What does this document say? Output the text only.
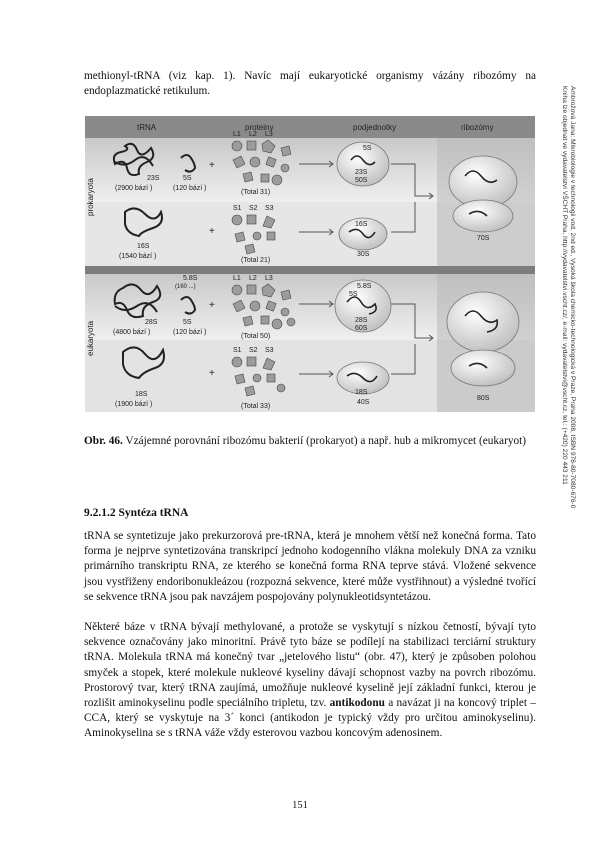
methionyl-tRNA (viz kap. 1). Navíc mají eukaryotické organismy vázány ribozómy na endoplazmatické retikulum.

tRNA	proteiny	podjednotky	ribozómy
prokaryota
eukaryota
23S
(2900 bází )
5S
(120 bází )
16S
(1540 bází )
+
+
+
+
L1 L2 L3
(Total 31)
S1 S2 S3
(Total 21)
5S
23S
50S
16S
30S
70S
28S
(4800 bází )
5.8S
(160 ...)
5S
(120 bází )
18S
(1900 bází )
L1 L2 L3
(Total 50)
S1 S2 S3
(Total 33)
5.8S
5S
28S
60S
18S
40S
80S

Obr. 46. Vzájemné porovnání ribozómu bakterií (prokaryot) a např. hub a mikromycet (eukaryot)

9.2.1.2 Syntéza tRNA

tRNA se syntetizuje jako prekurzorová pre-tRNA, která je mnohem větší než konečná forma. Tato forma je nejprve syntetizována transkripcí jednoho kodogenního vlákna molekuly DNA za vzniku primárního transkriptu RNA, ze kterého se konečná forma RNA teprve stává. Vložené sekvence jsou vystřiženy endoribonukleázou (rozpozná sekvence, které může vystřihnout) a výsledné tvořící se sekvence tRNA jsou pak navzájem pospojovány polynukleotidsyntetázou.

Některé báze v tRNA bývají methylované, a protože se vyskytují s nízkou četností, bývají tyto sekvence označovány jako minoritní. Právě tyto báze se podílejí na stabilizaci terciární struktury tRNA. Molekula tRNA má konečný tvar „jetelového listu“ (obr. 47), který je způsoben polohou smyček a stopek, které molekule nukleové kyseliny dávají schopnost vazby na povrch ribozómu. Prostorový tvar, který tRNA zaujímá, umožňuje nukleové kyselině její základní funkci, kterou je rozlišit aminokyselinu podle speciálního tripletu, tzv. antikodonu a navázat ji na koncový triplet –CCA, který se vyskytuje na 3´ konci (antikodon je typický vždy pro určitou aminokyselinu). Aminokyselina se s tRNA váže vždy esterovou vazbou koncovým adenosinem.

151
Ambrožová Jana: Mikrobiologie v technologii vod, 2nd ed., Vysoká škola chemicko-technologická v Praze, Praha 2008, ISBN 978-80-7080-676-0
Kniha lze objednat ve vydavatelství VŠCHT Praha, http://vydavatelstvi.vscht.cz/, e-mail: vydavatelstvi@vscht.cz, tel.: (+420) 220 443 211
